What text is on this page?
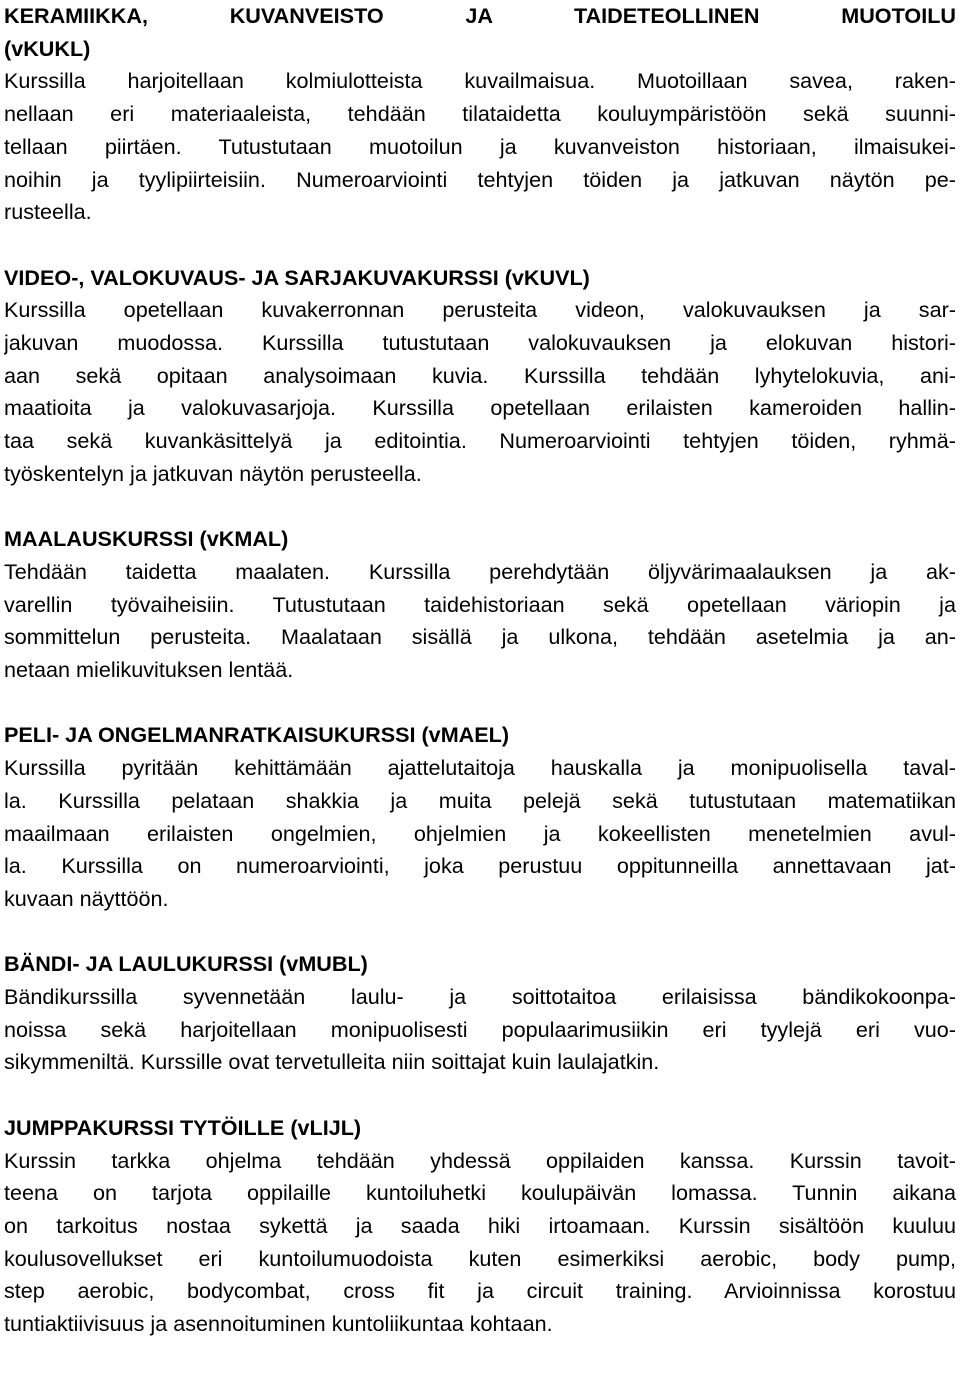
KERAMIIKKA, KUVANVEISTO JA TAIDETEOLLINEN MUOTOILU
(vKUKL)
Kurssilla harjoitellaan kolmiulotteista kuvailmaisua. Muotoillaan savea, raken-
nellaan eri materiaaleista, tehdään tilataidetta kouluympäristöön sekä suunni-
tellaan piirtäen. Tutustutaan muotoilun ja kuvanveiston historiaan, ilmaisukei-
noihin ja tyylipiirteisiin. Numeroarviointi tehtyjen töiden ja jatkuvan näytön pe-
rusteella.
VIDEO-, VALOKUVAUS- JA SARJAKUVAKURSSI (vKUVL)
Kurssilla opetellaan kuvakerronnan perusteita videon, valokuvauksen ja sar-
jakuvan muodossa. Kurssilla tutustutaan valokuvauksen ja elokuvan histori-
aan sekä opitaan analysoimaan kuvia. Kurssilla tehdään lyhytelokuvia, ani-
maatioita ja valokuvasarjoja. Kurssilla opetellaan erilaisten kameroiden hallin-
taa sekä kuvankäsittelyä ja editointia. Numeroarviointi tehtyjen töiden, ryhmä-
työskentelyn ja jatkuvan näytön perusteella.
MAALAUSKURSSI (vKMAL)
Tehdään taidetta maalaten. Kurssilla perehdytään öljyvärimaalauksen ja ak-
varellin työvaiheisiin. Tutustutaan taidehistoriaan sekä opetellaan väriopin ja
sommittelun perusteita. Maalataan sisällä ja ulkona, tehdään asetelmia ja an-
netaan mielikuvituksen lentää.
PELI- JA ONGELMANRATKAISUKURSSI (vMAEL)
Kurssilla pyritään kehittämään ajattelutaitoja hauskalla ja monipuolisella taval-
la. Kurssilla pelataan shakkia ja muita pelejä sekä tutustutaan matematiikan
maailmaan erilaisten ongelmien, ohjelmien ja kokeellisten menetelmien avul-
la. Kurssilla on numeroarviointi, joka perustuu oppitunneilla annettavaan jat-
kuvaan näyttöön.
BÄNDI- JA LAULUKURSSI (vMUBL)
Bändikurssilla syvennetään laulu- ja soittotaitoa erilaisissa bändikokoonpa-
noissa sekä harjoitellaan monipuolisesti populaarimusiikin eri tyylejä eri vuo-
sikymmeniltä. Kurssille ovat tervetulleita niin soittajat kuin laulajatkin.
JUMPPAKURSSI TYTÖILLE (vLIJL)
Kurssin tarkka ohjelma tehdään yhdessä oppilaiden kanssa. Kurssin tavoit-
teena on tarjota oppilaille kuntoiluhetki koulupäivän lomassa. Tunnin aikana
on tarkoitus nostaa sykettä ja saada hiki irtoamaan. Kurssin sisältöön kuuluu
koulusovellukset eri kuntoilumuodoista kuten esimerkiksi aerobic, body pump,
step aerobic, bodycombat, cross fit ja circuit training. Arvioinnissa korostuu
tuntiaktiivisuus ja asennoituminen kuntoliikuntaa kohtaan.
